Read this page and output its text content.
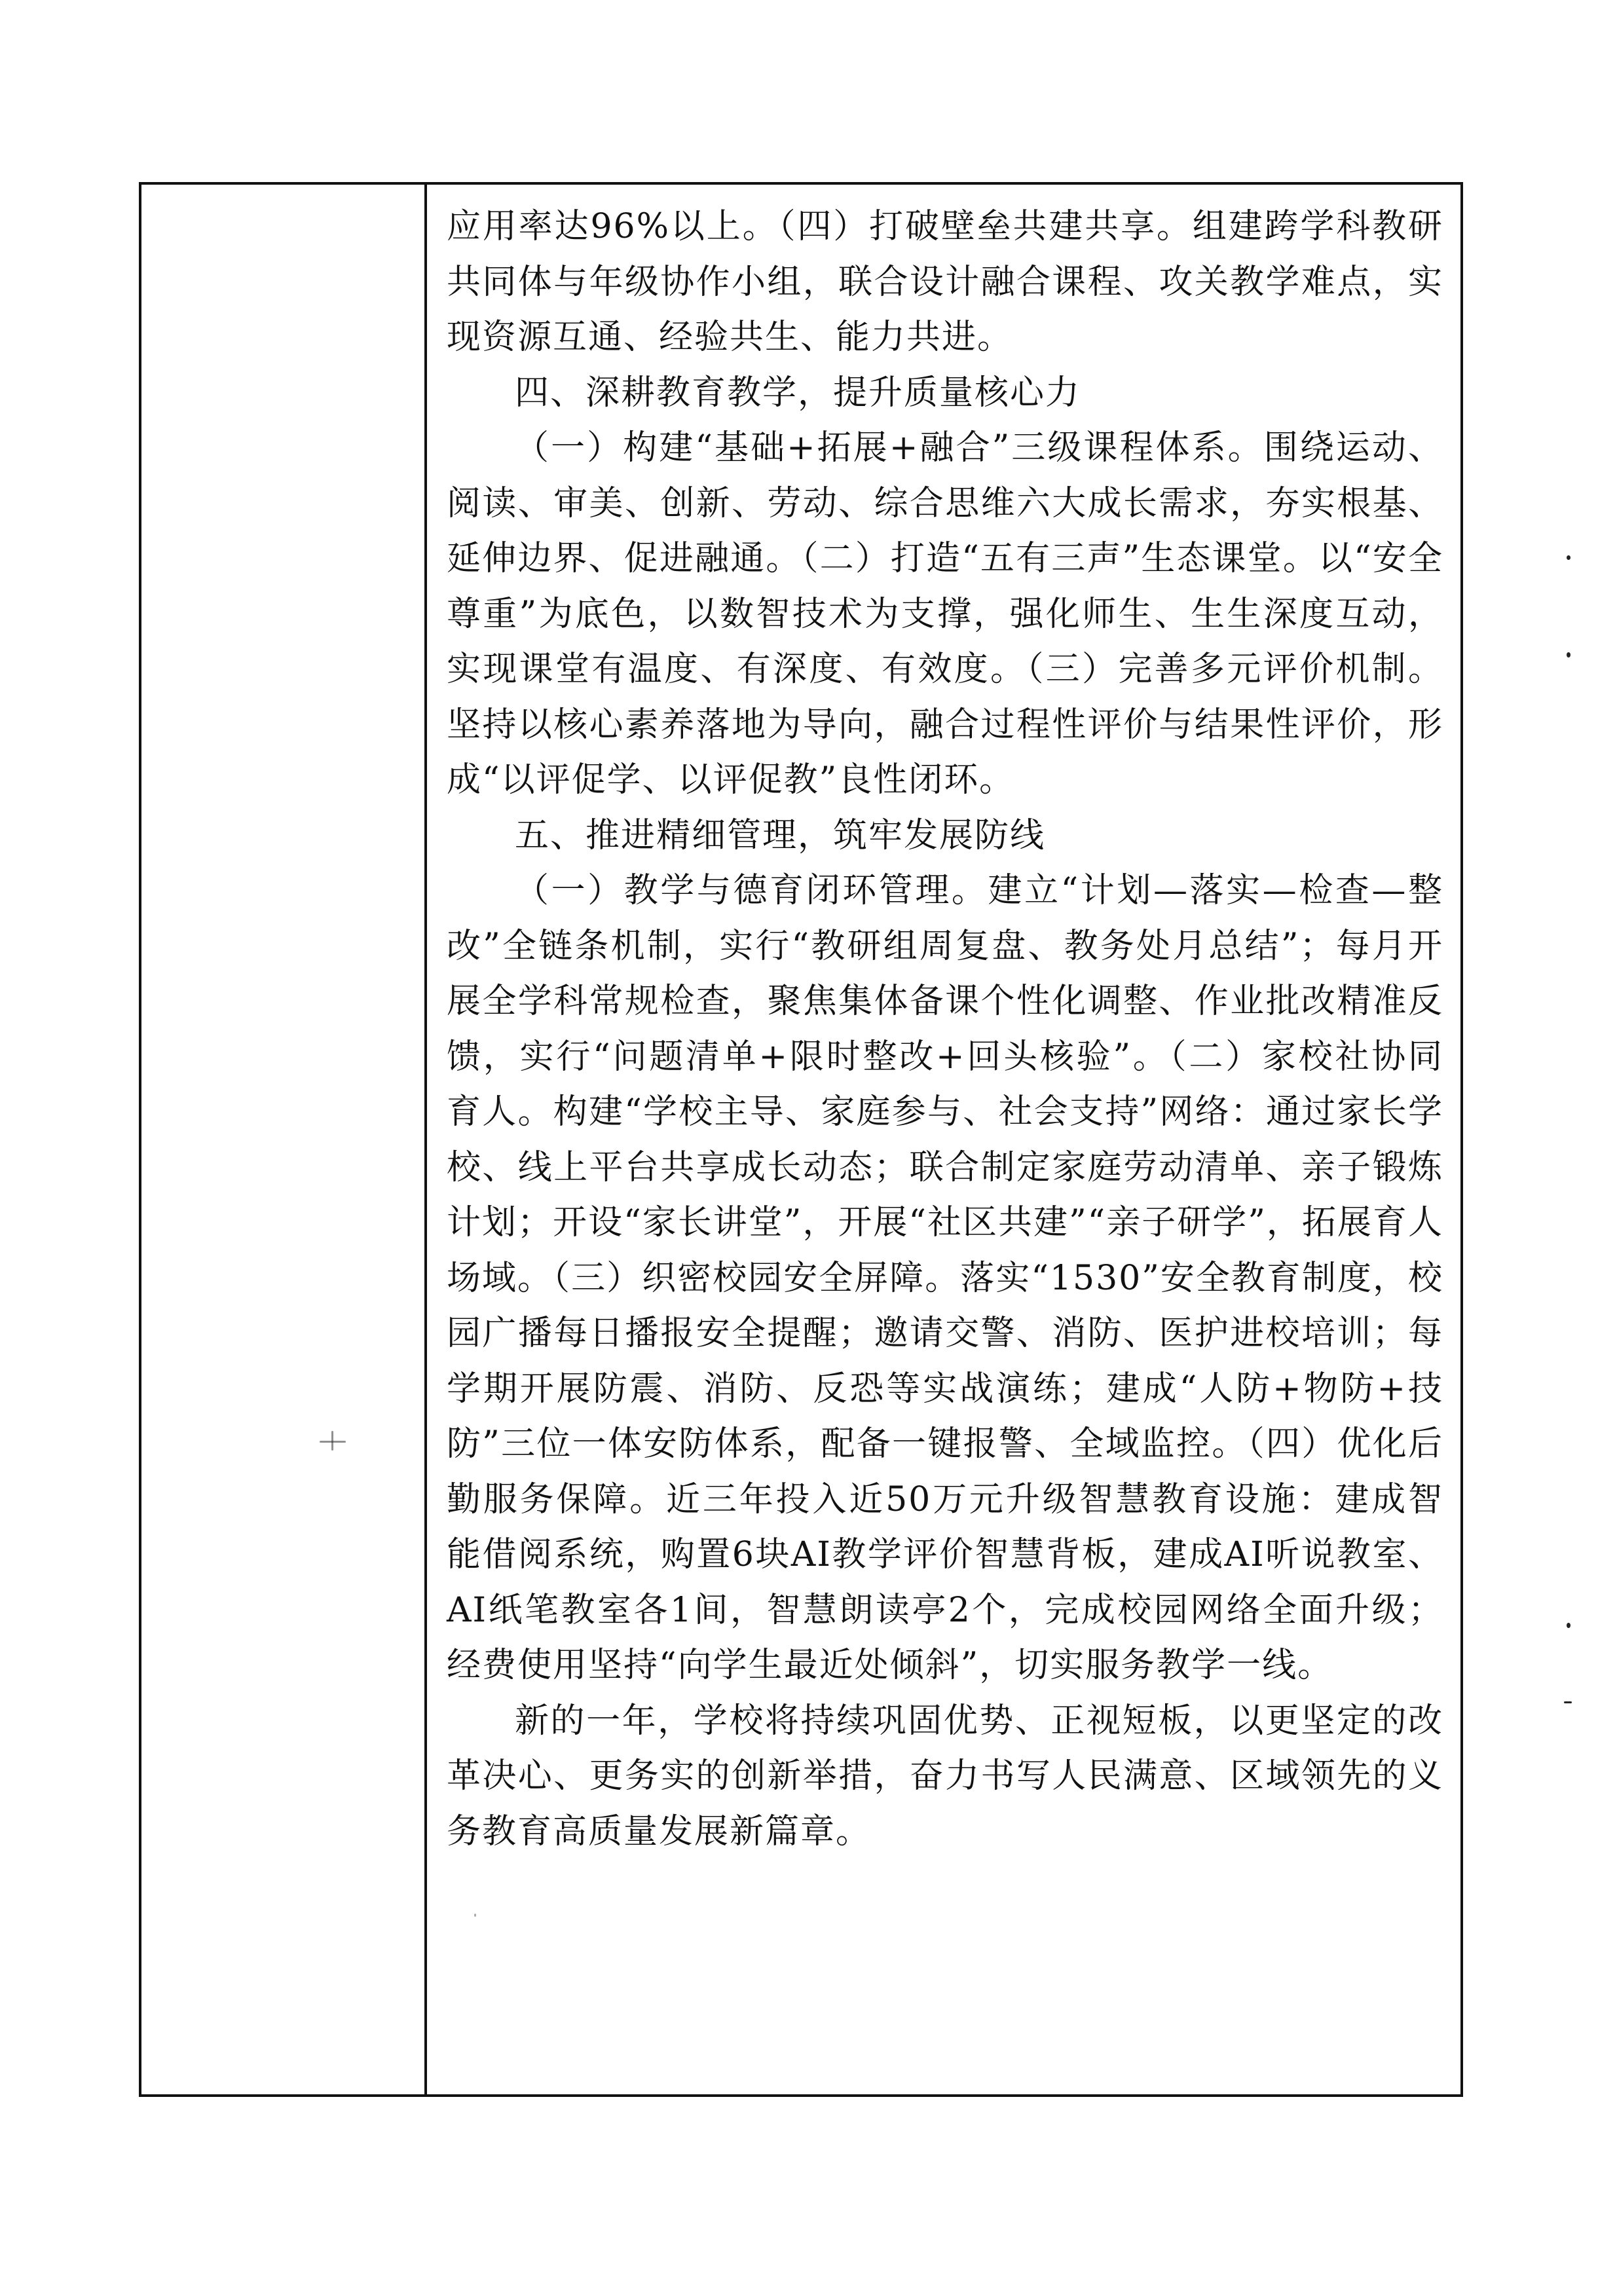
应用率达96%以上。（四）打破壁垒共建共享。组建跨学科教研共同体与年级协作小组，联合设计融合课程、攻关教学难点，实现资源互通、经验共生、能力共进。

四、深耕教育教学，提升质量核心力

（一）构建“基础+拓展+融合”三级课程体系。围绕运动、阅读、审美、创新、劳动、综合思维六大成长需求，夯实根基、延伸边界、促进融通。（二）打造“五有三声”生态课堂。以“安全尊重”为底色，以数智技术为支撑，强化师生、生生深度互动，实现课堂有温度、有深度、有效度。（三）完善多元评价机制。坚持以核心素养落地为导向，融合过程性评价与结果性评价，形成“以评促学、以评促教”良性闭环。

五、推进精细管理，筑牢发展防线

（一）教学与德育闭环管理。建立“计划—落实—检查—整改”全链条机制，实行“教研组周复盘、教务处月总结”；每月开展全学科常规检查，聚焦集体备课个性化调整、作业批改精准反馈，实行“问题清单+限时整改+回头核验”。（二）家校社协同育人。构建“学校主导、家庭参与、社会支持”网络：通过家长学校、线上平台共享成长动态；联合制定家庭劳动清单、亲子锻炼计划；开设“家长讲堂”，开展“社区共建”“亲子研学”，拓展育人场域。（三）织密校园安全屏障。落实“1530”安全教育制度，校园广播每日播报安全提醒；邀请交警、消防、医护进校培训；每学期开展防震、消防、反恐等实战演练；建成“人防+物防+技防”三位一体安防体系，配备一键报警、全域监控。（四）优化后勤服务保障。近三年投入近50万元升级智慧教育设施：建成智能借阅系统，购置6块AI教学评价智慧背板，建成AI听说教室、AI纸笔教室各1间，智慧朗读亭2个，完成校园网络全面升级；经费使用坚持“向学生最近处倾斜”，切实服务教学一线。

新的一年，学校将持续巩固优势、正视短板，以更坚定的改革决心、更务实的创新举措，奋力书写人民满意、区域领先的义务教育高质量发展新篇章。
